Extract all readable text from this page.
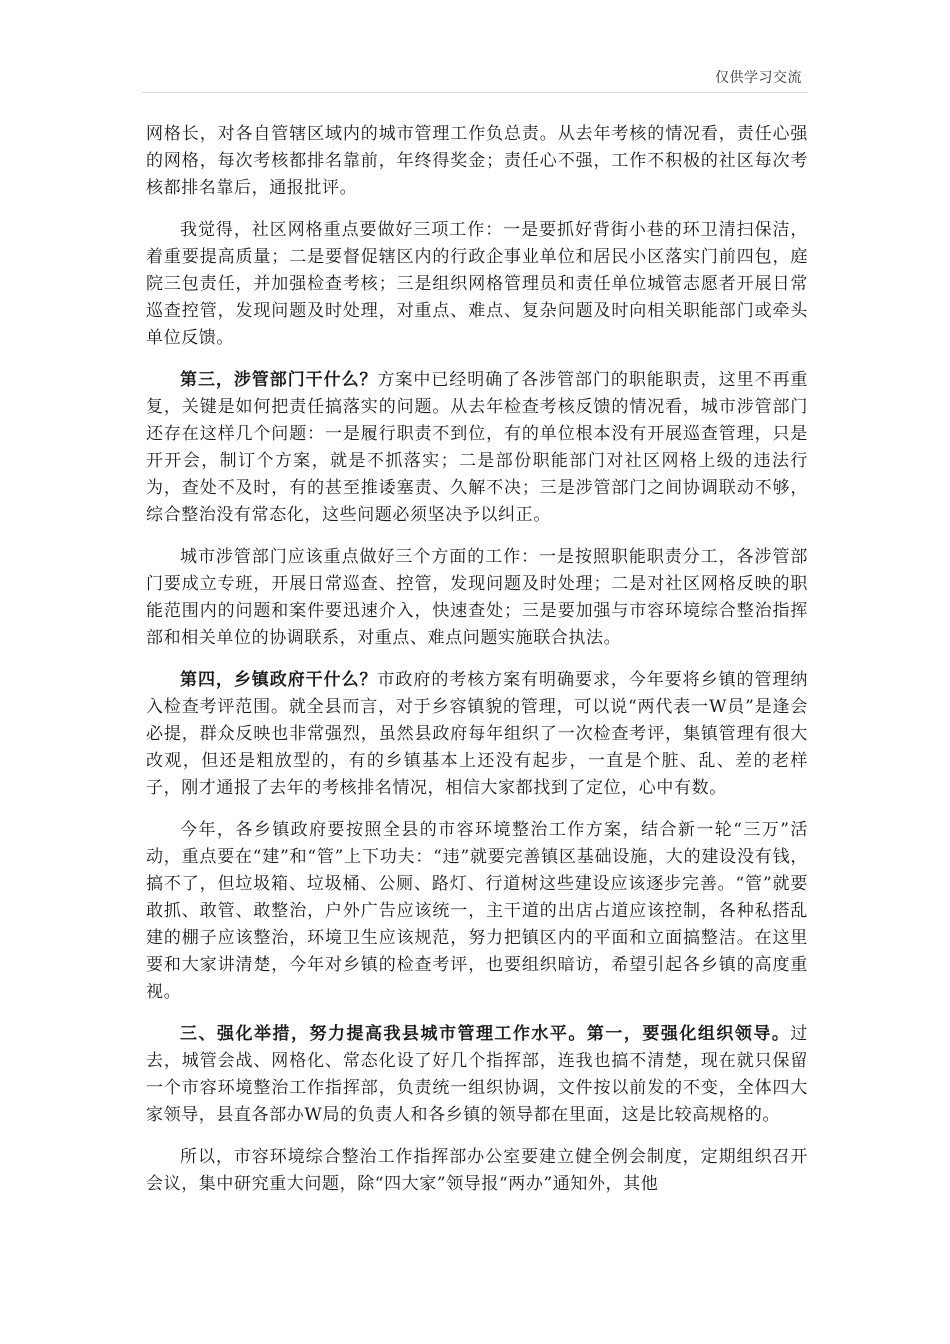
仅供学习交流

网格长，对各自管辖区域内的城市管理工作负总责。从去年考核的情况看，责任心强的网格，每次考核都排名靠前，年终得奖金；责任心不强，工作不积极的社区每次考核都排名靠后，通报批评。

我觉得，社区网格重点要做好三项工作：一是要抓好背街小巷的环卫清扫保洁，着重要提高质量；二是要督促辖区内的行政企事业单位和居民小区落实门前四包，庭院三包责任，并加强检查考核；三是组织网格管理员和责任单位城管志愿者开展日常巡查控管，发现问题及时处理，对重点、难点、复杂问题及时向相关职能部门或牵头单位反馈。

第三，涉管部门干什么？方案中已经明确了各涉管部门的职能职责，这里不再重复，关键是如何把责任搞落实的问题。从去年检查考核反馈的情况看，城市涉管部门还存在这样几个问题：一是履行职责不到位，有的单位根本没有开展巡查管理，只是开开会，制订个方案，就是不抓落实；二是部份职能部门对社区网格上级的违法行为，查处不及时，有的甚至推诿塞责、久解不决；三是涉管部门之间协调联动不够，综合整治没有常态化，这些问题必须坚决予以纠正。

城市涉管部门应该重点做好三个方面的工作：一是按照职能职责分工，各涉管部门要成立专班，开展日常巡查、控管，发现问题及时处理；二是对社区网格反映的职能范围内的问题和案件要迅速介入，快速查处；三是要加强与市容环境综合整治指挥部和相关单位的协调联系，对重点、难点问题实施联合执法。

第四，乡镇政府干什么？市政府的考核方案有明确要求，今年要将乡镇的管理纳入检查考评范围。就全县而言，对于乡容镇貌的管理，可以说“两代表一W员”是逢会必提，群众反映也非常强烈，虽然县政府每年组织了一次检查考评，集镇管理有很大改观，但还是粗放型的，有的乡镇基本上还没有起步，一直是个脏、乱、差的老样子，刚才通报了去年的考核排名情况，相信大家都找到了定位，心中有数。

今年，各乡镇政府要按照全县的市容环境整治工作方案，结合新一轮“三万”活动，重点要在“建”和“管”上下功夫：“违”就要完善镇区基础设施，大的建设没有钱，搞不了，但垃圾箱、垃圾桶、公厕、路灯、行道树这些建设应该逐步完善。“管”就要敢抓、敢管、敢整治，户外广告应该统一，主干道的出店占道应该控制，各种私搭乱建的棚子应该整治，环境卫生应该规范，努力把镇区内的平面和立面搞整洁。在这里要和大家讲清楚，今年对乡镇的检查考评，也要组织暗访，希望引起各乡镇的高度重视。

三、强化举措，努力提高我县城市管理工作水平。第一，要强化组织领导。过去，城管会战、网格化、常态化设了好几个指挥部，连我也搞不清楚，现在就只保留一个市容环境整治工作指挥部，负责统一组织协调，文件按以前发的不变，全体四大家领导，县直各部办W局的负责人和各乡镇的领导都在里面，这是比较高规格的。

所以，市容环境综合整治工作指挥部办公室要建立健全例会制度，定期组织召开会议，集中研究重大问题，除“四大家”领导报“两办”通知外，其他
